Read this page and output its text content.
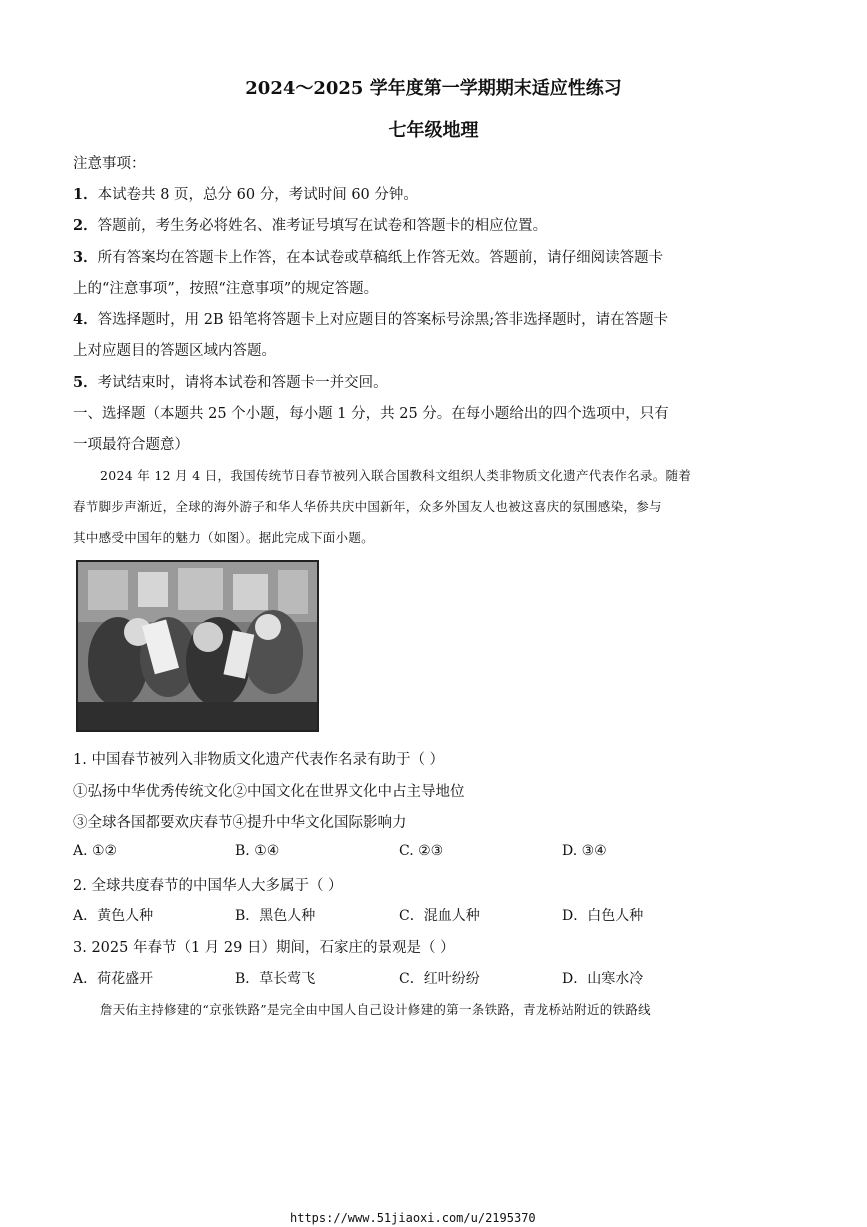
2024～2025 学年度第一学期期末适应性练习
七年级地理
注意事项：
1．本试卷共 8 页，总分 60 分，考试时间 60 分钟。
2．答题前，考生务必将姓名、准考证号填写在试卷和答题卡的相应位置。
3．所有答案均在答题卡上作答，在本试卷或草稿纸上作答无效。答题前，请仔细阅读答题卡
上的“注意事项”，按照“注意事项”的规定答题。
4．答选择题时，用 2B 铅笔将答题卡上对应题目的答案标号涂黑;答非选择题时，请在答题卡
上对应题目的答题区域内答题。
5．考试结束时，请将本试卷和答题卡一并交回。
一、选择题（本题共 25 个小题，每小题 1 分，共 25 分。在每小题给出的四个选项中，只有
一项最符合题意）
2024 年 12 月 4 日，我国传统节日春节被列入联合国教科文组织人类非物质文化遗产代表作名录。随着
春节脚步声渐近，全球的海外游子和华人华侨共庆中国新年，众多外国友人也被这喜庆的氛围感染，参与
其中感受中国年的魅力（如图）。据此完成下面小题。
1. 中国春节被列入非物质文化遗产代表作名录有助于（ ）
①弘扬中华优秀传统文化②中国文化在世界文化中占主导地位
③全球各国都要欢庆春节④提升中华文化国际影响力
A. ①②	B. ①④	C. ②③	D. ③④
2. 全球共度春节的中国华人大多属于（ ）
A．黄色人种	B．黑色人种	C．混血人种	D．白色人种
3. 2025 年春节（1 月 29 日）期间，石家庄的景观是（ ）
A．荷花盛开	B．草长莺飞	C．红叶纷纷	D．山寒水冷
詹天佑主持修建的“京张铁路”是完全由中国人自己设计修建的第一条铁路，青龙桥站附近的铁路线
https://www.51jiaoxi.com/u/2195370
